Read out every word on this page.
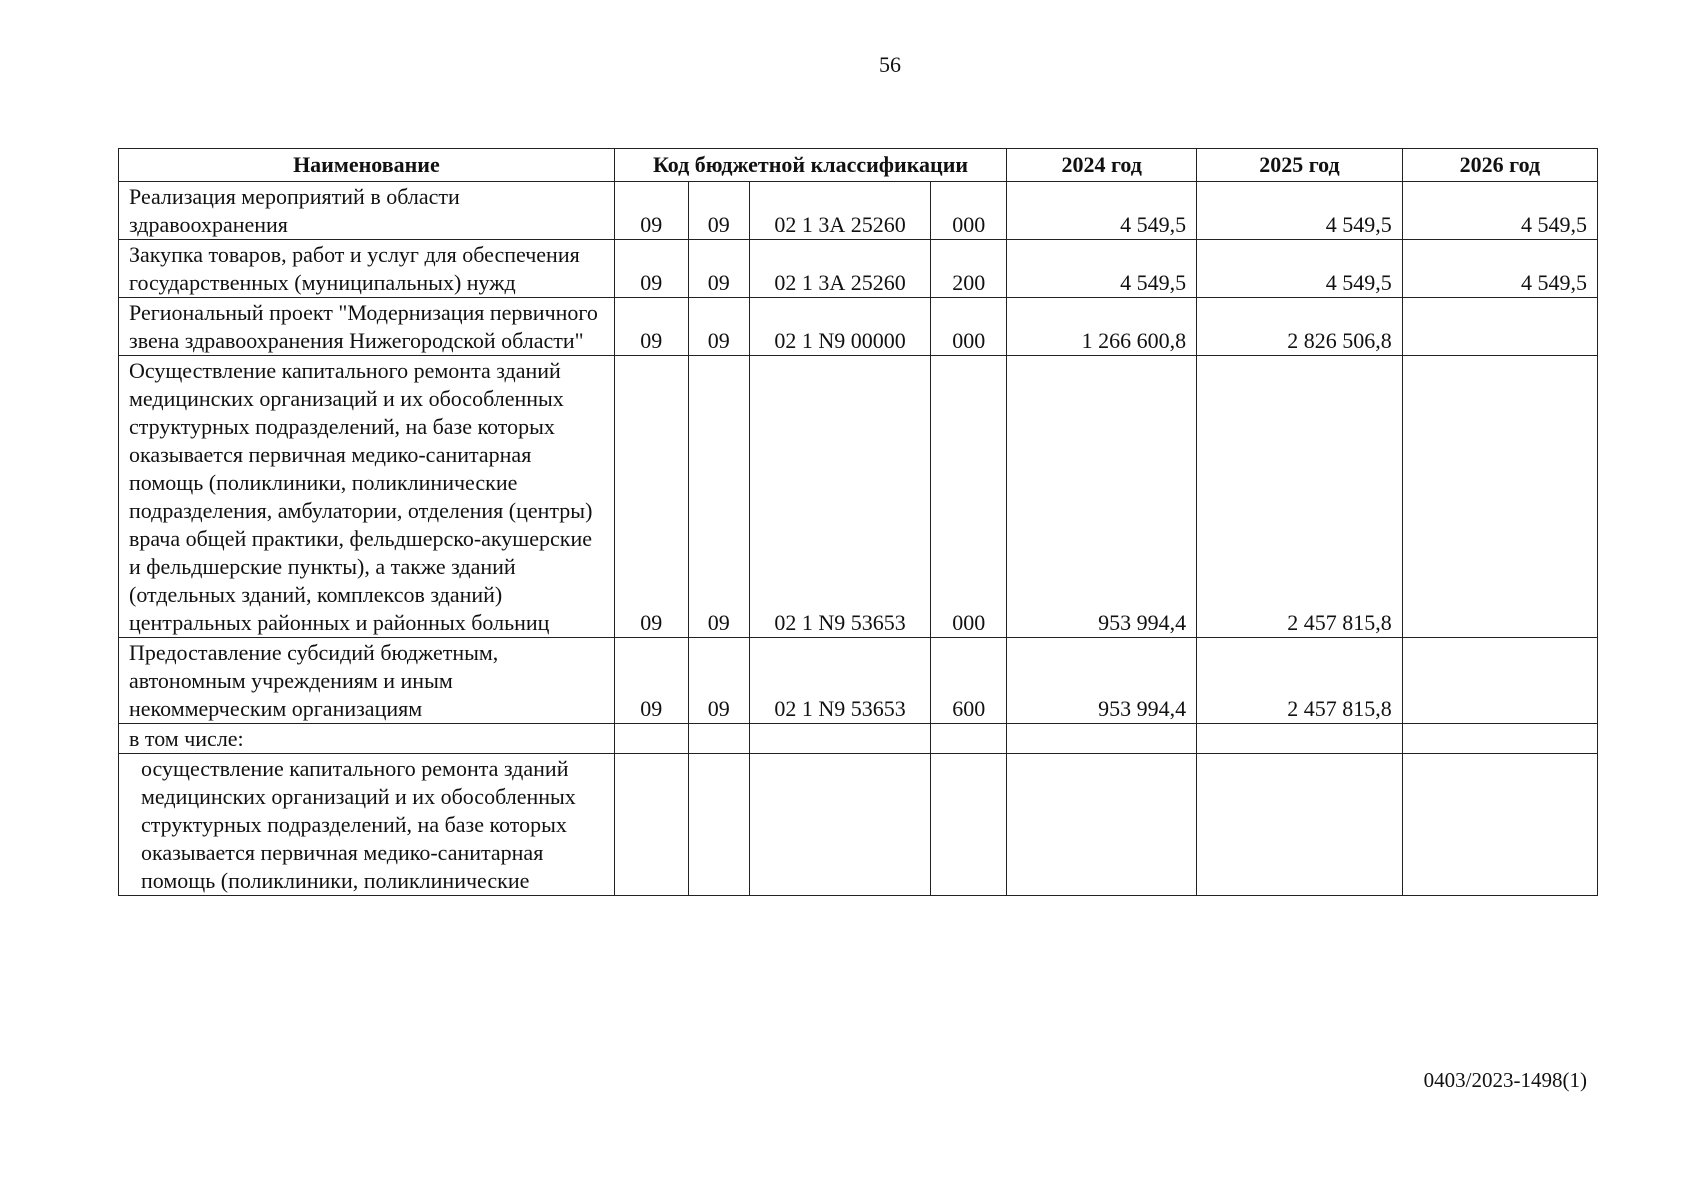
56
Наименование	Код бюджетной классификации				2024 год	2025 год	2026 год
Реализация мероприятий в области здравоохранения	09	09	02 1 3А 25260	000	4 549,5	4 549,5	4 549,5
Закупка товаров, работ и услуг для обеспечения государственных (муниципальных) нужд	09	09	02 1 3А 25260	200	4 549,5	4 549,5	4 549,5
Региональный проект "Модернизация первичного звена здравоохранения Нижегородской области"	09	09	02 1 N9 00000	000	1 266 600,8	2 826 506,8	
Осуществление капитального ремонта зданий медицинских организаций и их обособленных структурных подразделений, на базе которых оказывается первичная медико-санитарная помощь (поликлиники, поликлинические подразделения, амбулатории, отделения (центры) врача общей практики, фельдшерско-акушерские и фельдшерские пункты), а также зданий (отдельных зданий, комплексов зданий) центральных районных и районных больниц	09	09	02 1 N9 53653	000	953 994,4	2 457 815,8	
Предоставление субсидий бюджетным, автономным учреждениям и иным некоммерческим организациям	09	09	02 1 N9 53653	600	953 994,4	2 457 815,8	
в том числе:							
осуществление капитального ремонта зданий медицинских организаций и их обособленных структурных подразделений, на базе которых оказывается первичная медико-санитарная помощь (поликлиники, поликлинические							
0403/2023-1498(1)
